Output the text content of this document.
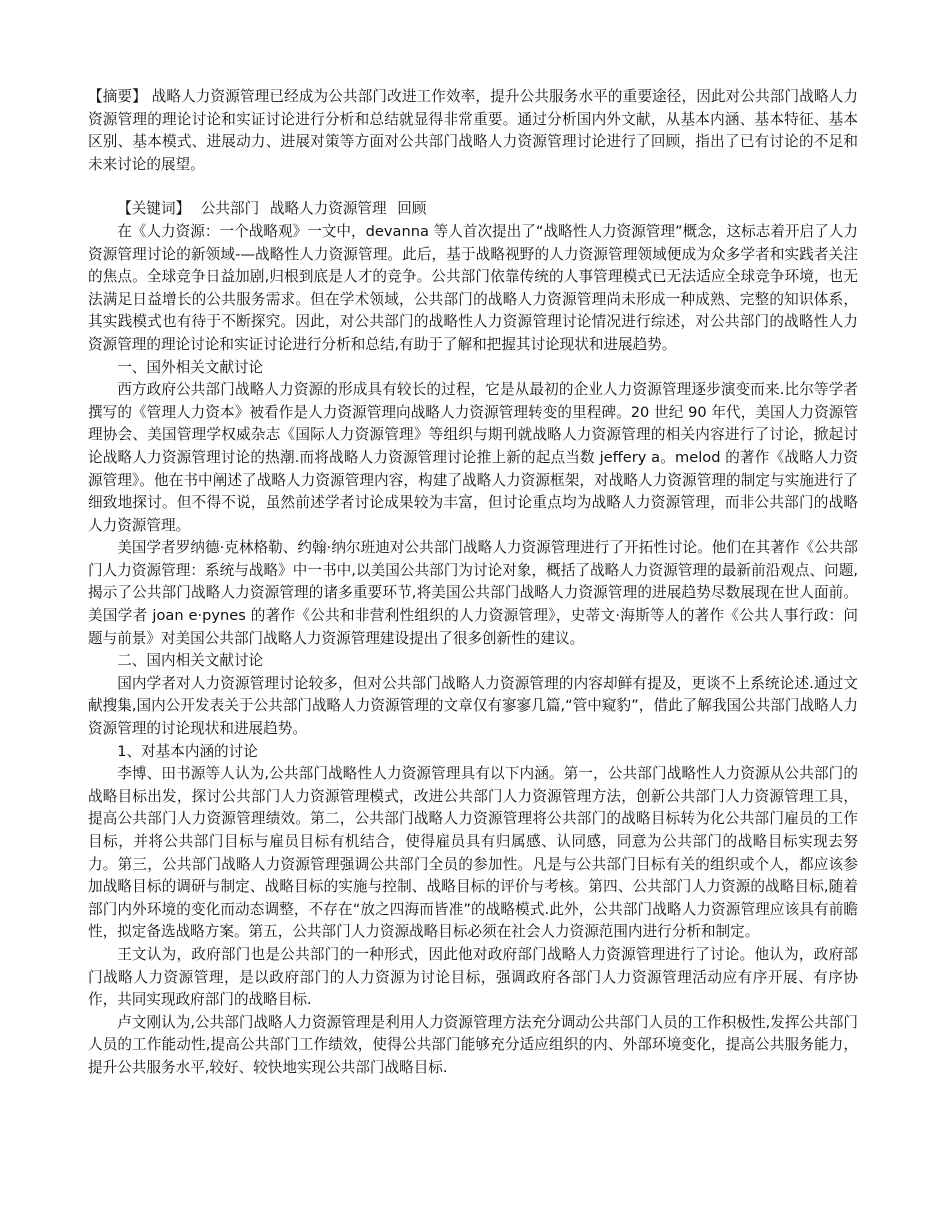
【摘要】 战略人力资源管理已经成为公共部门改进工作效率，提升公共服务水平的重要途径，因此对公共部门战略人力资源管理的理论讨论和实证讨论进行分析和总结就显得非常重要。通过分析国内外文献，从基本内涵、基本特征、基本区别、基本模式、进展动力、进展对策等方面对公共部门战略人力资源管理讨论进行了回顾，指出了已有讨论的不足和未来讨论的展望。

【关键词】 公共部门 战略人力资源管理 回顾

在《人力资源：一个战略观》一文中，devanna 等人首次提出了“战略性人力资源管理”概念，这标志着开启了人力资源管理讨论的新领域-—战略性人力资源管理。此后，基于战略视野的人力资源管理领域便成为众多学者和实践者关注的焦点。全球竞争日益加剧,归根到底是人才的竞争。公共部门依靠传统的人事管理模式已无法适应全球竞争环境，也无法满足日益增长的公共服务需求。但在学术领域，公共部门的战略人力资源管理尚未形成一种成熟、完整的知识体系，其实践模式也有待于不断探究。因此，对公共部门的战略性人力资源管理讨论情况进行综述，对公共部门的战略性人力资源管理的理论讨论和实证讨论进行分析和总结,有助于了解和把握其讨论现状和进展趋势。

一、国外相关文献讨论

西方政府公共部门战略人力资源的形成具有较长的过程，它是从最初的企业人力资源管理逐步演变而来.比尔等学者撰写的《管理人力资本》被看作是人力资源管理向战略人力资源管理转变的里程碑。20 世纪 90 年代，美国人力资源管理协会、美国管理学权威杂志《国际人力资源管理》等组织与期刊就战略人力资源管理的相关内容进行了讨论，掀起讨论战略人力资源管理讨论的热潮.而将战略人力资源管理讨论推上新的起点当数 jeffery a。melod 的著作《战略人力资源管理》。他在书中阐述了战略人力资源管理内容，构建了战略人力资源框架，对战略人力资源管理的制定与实施进行了细致地探讨。但不得不说，虽然前述学者讨论成果较为丰富，但讨论重点均为战略人力资源管理，而非公共部门的战略人力资源管理。

美国学者罗纳德·克林格勒、约翰·纳尔班迪对公共部门战略人力资源管理进行了开拓性讨论。他们在其著作《公共部门人力资源管理：系统与战略》中一书中,以美国公共部门为讨论对象，概括了战略人力资源管理的最新前沿观点、问题,揭示了公共部门战略人力资源管理的诸多重要环节,将美国公共部门战略人力资源管理的进展趋势尽数展现在世人面前。美国学者 joan e·pynes 的著作《公共和非营利性组织的人力资源管理》，史蒂文·海斯等人的著作《公共人事行政：问题与前景》对美国公共部门战略人力资源管理建设提出了很多创新性的建议。

二、国内相关文献讨论

国内学者对人力资源管理讨论较多，但对公共部门战略人力资源管理的内容却鲜有提及，更谈不上系统论述.通过文献搜集,国内公开发表关于公共部门战略人力资源管理的文章仅有寥寥几篇,“管中窥豹”，借此了解我国公共部门战略人力资源管理的讨论现状和进展趋势。

1、对基本内涵的讨论

李博、田书源等人认为,公共部门战略性人力资源管理具有以下内涵。第一，公共部门战略性人力资源从公共部门的战略目标出发，探讨公共部门人力资源管理模式，改进公共部门人力资源管理方法，创新公共部门人力资源管理工具，提高公共部门人力资源管理绩效。第二，公共部门战略人力资源管理将公共部门的战略目标转为化公共部门雇员的工作目标，并将公共部门目标与雇员目标有机结合，使得雇员具有归属感、认同感，同意为公共部门的战略目标实现去努力。第三，公共部门战略人力资源管理强调公共部门全员的参加性。凡是与公共部门目标有关的组织或个人，都应该参加战略目标的调研与制定、战略目标的实施与控制、战略目标的评价与考核。第四、公共部门人力资源的战略目标,随着部门内外环境的变化而动态调整，不存在“放之四海而皆准”的战略模式.此外，公共部门战略人力资源管理应该具有前瞻性，拟定备选战略方案。第五，公共部门人力资源战略目标必须在社会人力资源范围内进行分析和制定。

王文认为，政府部门也是公共部门的一种形式，因此他对政府部门战略人力资源管理进行了讨论。他认为，政府部门战略人力资源管理，是以政府部门的人力资源为讨论目标，强调政府各部门人力资源管理活动应有序开展、有序协作，共同实现政府部门的战略目标.

卢文刚认为,公共部门战略人力资源管理是利用人力资源管理方法充分调动公共部门人员的工作积极性,发挥公共部门人员的工作能动性,提高公共部门工作绩效，使得公共部门能够充分适应组织的内、外部环境变化，提高公共服务能力，提升公共服务水平,较好、较快地实现公共部门战略目标.
